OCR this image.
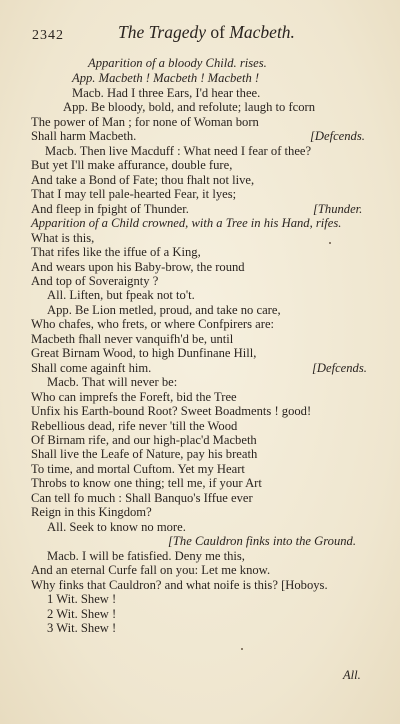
2342	The Tragedy of Macbeth.
Apparition of a bloody Child. rises.
App. Macbeth ! Macbeth ! Macbeth !
Macb. Had I three Ears, I'd hear thee.
App. Be bloody, bold, and refolute; laugh to fcorn
The power of Man ; for none of Woman born
Shall harm Macbeth.	[Defcends.
Macb. Then live Macduff : What need I fear of thee?
But yet I'll make affurance, double fure,
And take a Bond of Fate; thou fhalt not live,
That I may tell pale-hearted Fear, it lyes;
And fleep in fpight of Thunder.	[Thunder.
Apparition of a Child crowned, with a Tree in his Hand, rifes.
What is this,
That rifes like the iffue of a King,
And wears upon his Baby-brow, the round
And top of Soveraignty ?
All. Liften, but fpeak not to't.
App. Be Lion metled, proud, and take no care,
Who chafes, who frets, or where Confpirers are:
Macbeth fhall never vanquifh'd be, until
Great Birnam Wood, to high Dunfinane Hill,
Shall come againft him.	[Defcends.
Macb. That will never be:
Who can imprefs the Foreft, bid the Tree
Unfix his Earth-bound Root? Sweet Boadments ! good!
Rebellious dead, rife never 'till the Wood
Of Birnam rife, and our high-plac'd Macbeth
Shall live the Leafe of Nature, pay his breath
To time, and mortal Cuftom. Yet my Heart
Throbs to know one thing; tell me, if your Art
Can tell fo much : Shall Banquo's Iffue ever
Reign in this Kingdom?
All. Seek to know no more.
[The Cauldron finks into the Ground.
Macb. I will be fatisfied. Deny me this,
And an eternal Curfe fall on you: Let me know.
Why finks that Cauldron? and what noife is this? [Hoboys.
1 Wit. Shew !
2 Wit. Shew !
3 Wit. Shew !
All.
